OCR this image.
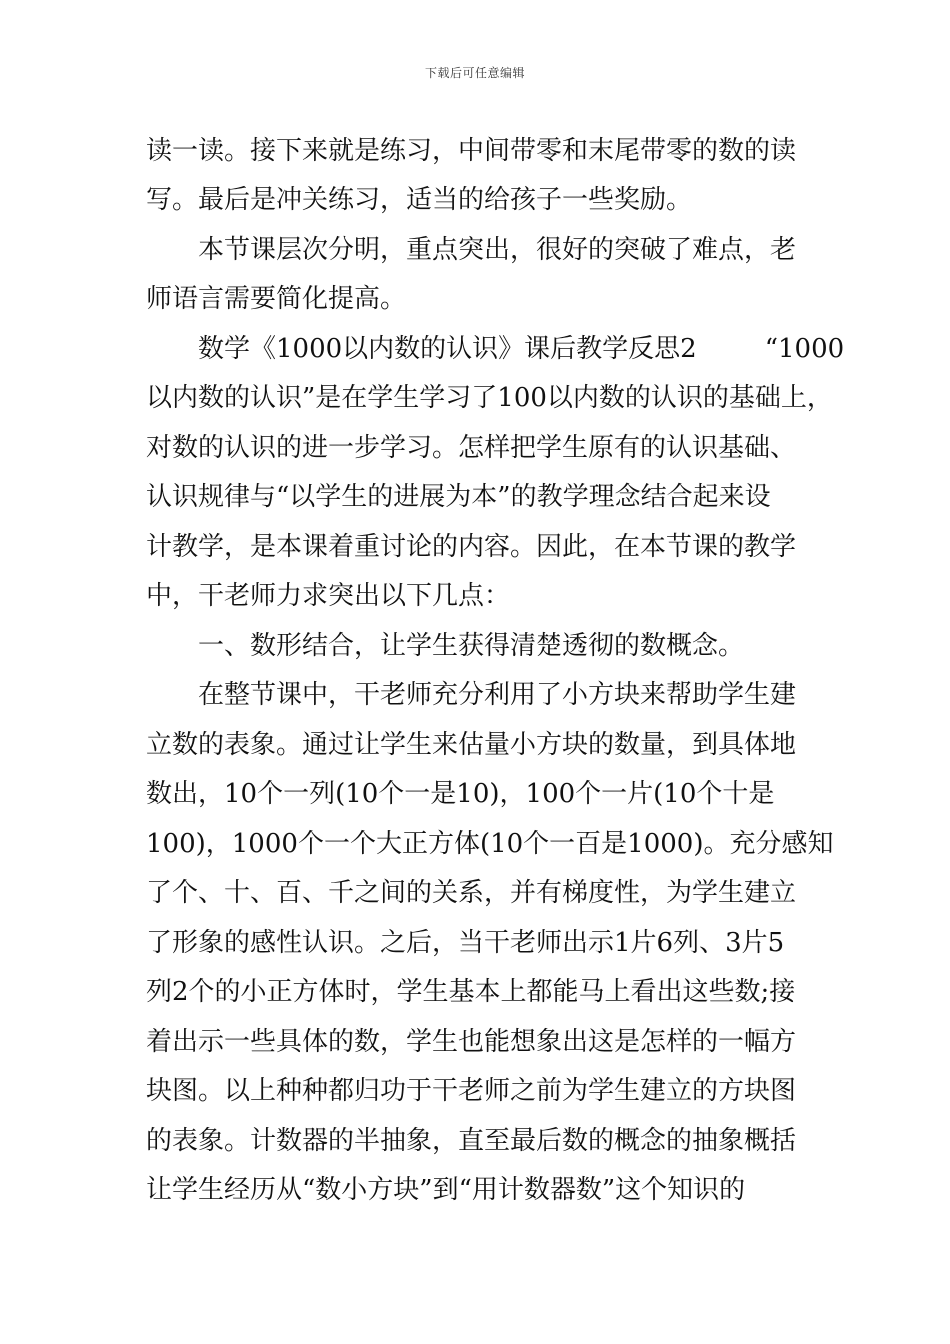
下载后可任意编辑
读一读。接下来就是练习，中间带零和末尾带零的数的读
写。最后是冲关练习，适当的给孩子一些奖励。
本节课层次分明，重点突出，很好的突破了难点，老
师语言需要简化提高。
数学《1000以内数的认识》课后教学反思2	“1000
以内数的认识”是在学生学习了100以内数的认识的基础上，
对数的认识的进一步学习。怎样把学生原有的认识基础、
认识规律与“以学生的进展为本”的教学理念结合起来设
计教学，是本课着重讨论的内容。因此，在本节课的教学
中，干老师力求突出以下几点：
一、数形结合，让学生获得清楚透彻的数概念。
在整节课中，干老师充分利用了小方块来帮助学生建
立数的表象。通过让学生来估量小方块的数量，到具体地
数出，10个一列(10个一是10)，100个一片(10个十是
100)，1000个一个大正方体(10个一百是1000)。充分感知
了个、十、百、千之间的关系，并有梯度性，为学生建立
了形象的感性认识。之后，当干老师出示1片6列、3片5
列2个的小正方体时，学生基本上都能马上看出这些数;接
着出示一些具体的数，学生也能想象出这是怎样的一幅方
块图。以上种种都归功于干老师之前为学生建立的方块图
的表象。计数器的半抽象，直至最后数的概念的抽象概括
让学生经历从“数小方块”到“用计数器数”这个知识的
